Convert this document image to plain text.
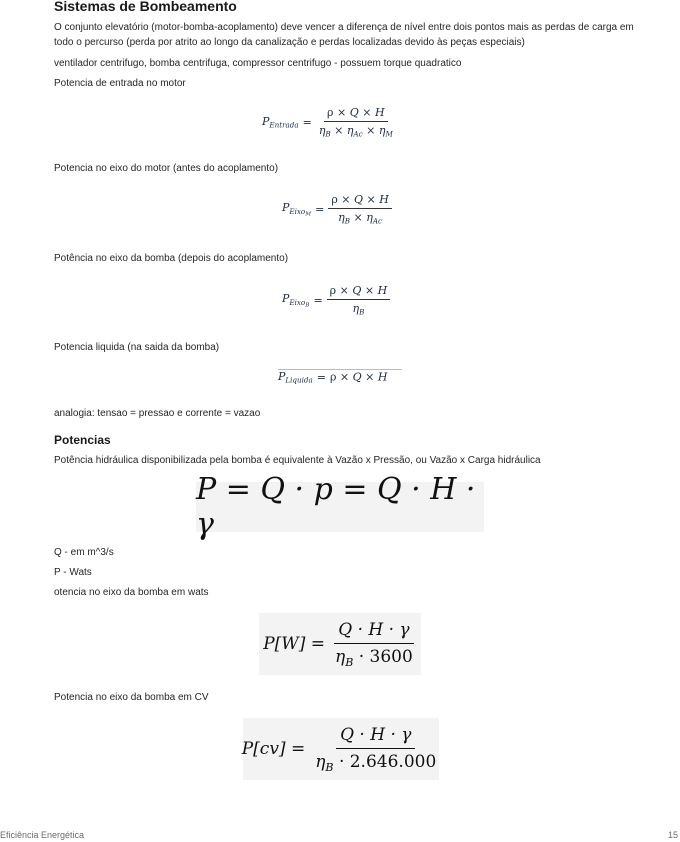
Sistemas de Bombeamento
O conjunto elevatório (motor-bomba-acoplamento) deve vencer a diferença de nível entre dois pontos mais as perdas de carga em todo o percurso (perda por atrito ao longo da canalização e perdas localizadas devido às peças especiais)
ventilador centrifugo, bomba centrifuga, compressor centrifugo - possuem torque quadratico
Potencia de entrada no motor
$P_{Entrada} = \frac{\rho \times Q \times H}{\eta_B \times \eta_{Ac} \times \eta_M}$
Potencia no eixo do motor (antes do acoplamento)
$P_{Eixo_M} = \frac{\rho \times Q \times H}{\eta_B \times \eta_{Ac}}$
Potência no eixo da bomba (depois do acoplamento)
$P_{Eixo_B} = \frac{\rho \times Q \times H}{\eta_B}$
Potencia liquida (na saida da bomba)
$P_{Liquida} = \rho \times Q \times H$
analogia: tensao = pressao e corrente = vazao
Potencias
Potência hidráulica disponibilizada pela bomba é equivalente à Vazão x Pressão, ou Vazão x Carga hidráulica
P = Q · p = Q · H · γ
Q - em m^3/s
P - Wats
otencia no eixo da bomba em wats
$P[W] = \frac{Q \cdot H \cdot \gamma}{\eta_B \cdot 3600}$
Potencia no eixo da bomba em CV
$P[cv] = \frac{Q \cdot H \cdot \gamma}{\eta_B \cdot 2.646.000}$
Eficiência Energética	15
